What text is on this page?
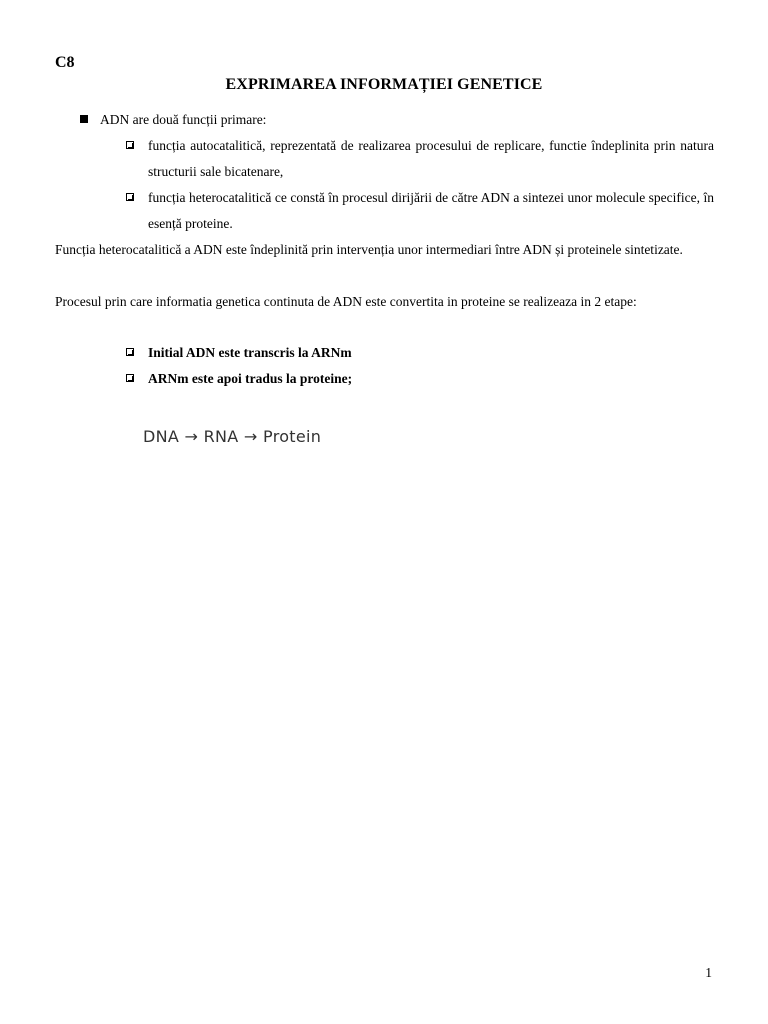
C8

EXPRIMAREA INFORMAȚIEI GENETICE

ADN are două funcții primare:

funcția autocatalitică, reprezentată de realizarea procesului de replicare, functie îndeplinita prin natura structurii sale bicatenare,
funcția heterocatalitică ce constă în procesul dirijării de către ADN a sintezei unor molecule specifice, în esență proteine.

Funcția heterocatalitică a ADN este îndeplinită prin intervenția unor intermediari între ADN și proteinele sintetizate.

Procesul prin care informatia genetica continuta de ADN este convertita in proteine se realizeaza in 2 etape:

Initial ADN este transcris la ARNm
ARNm este apoi tradus la proteine;

DNA → RNA → Protein

1
